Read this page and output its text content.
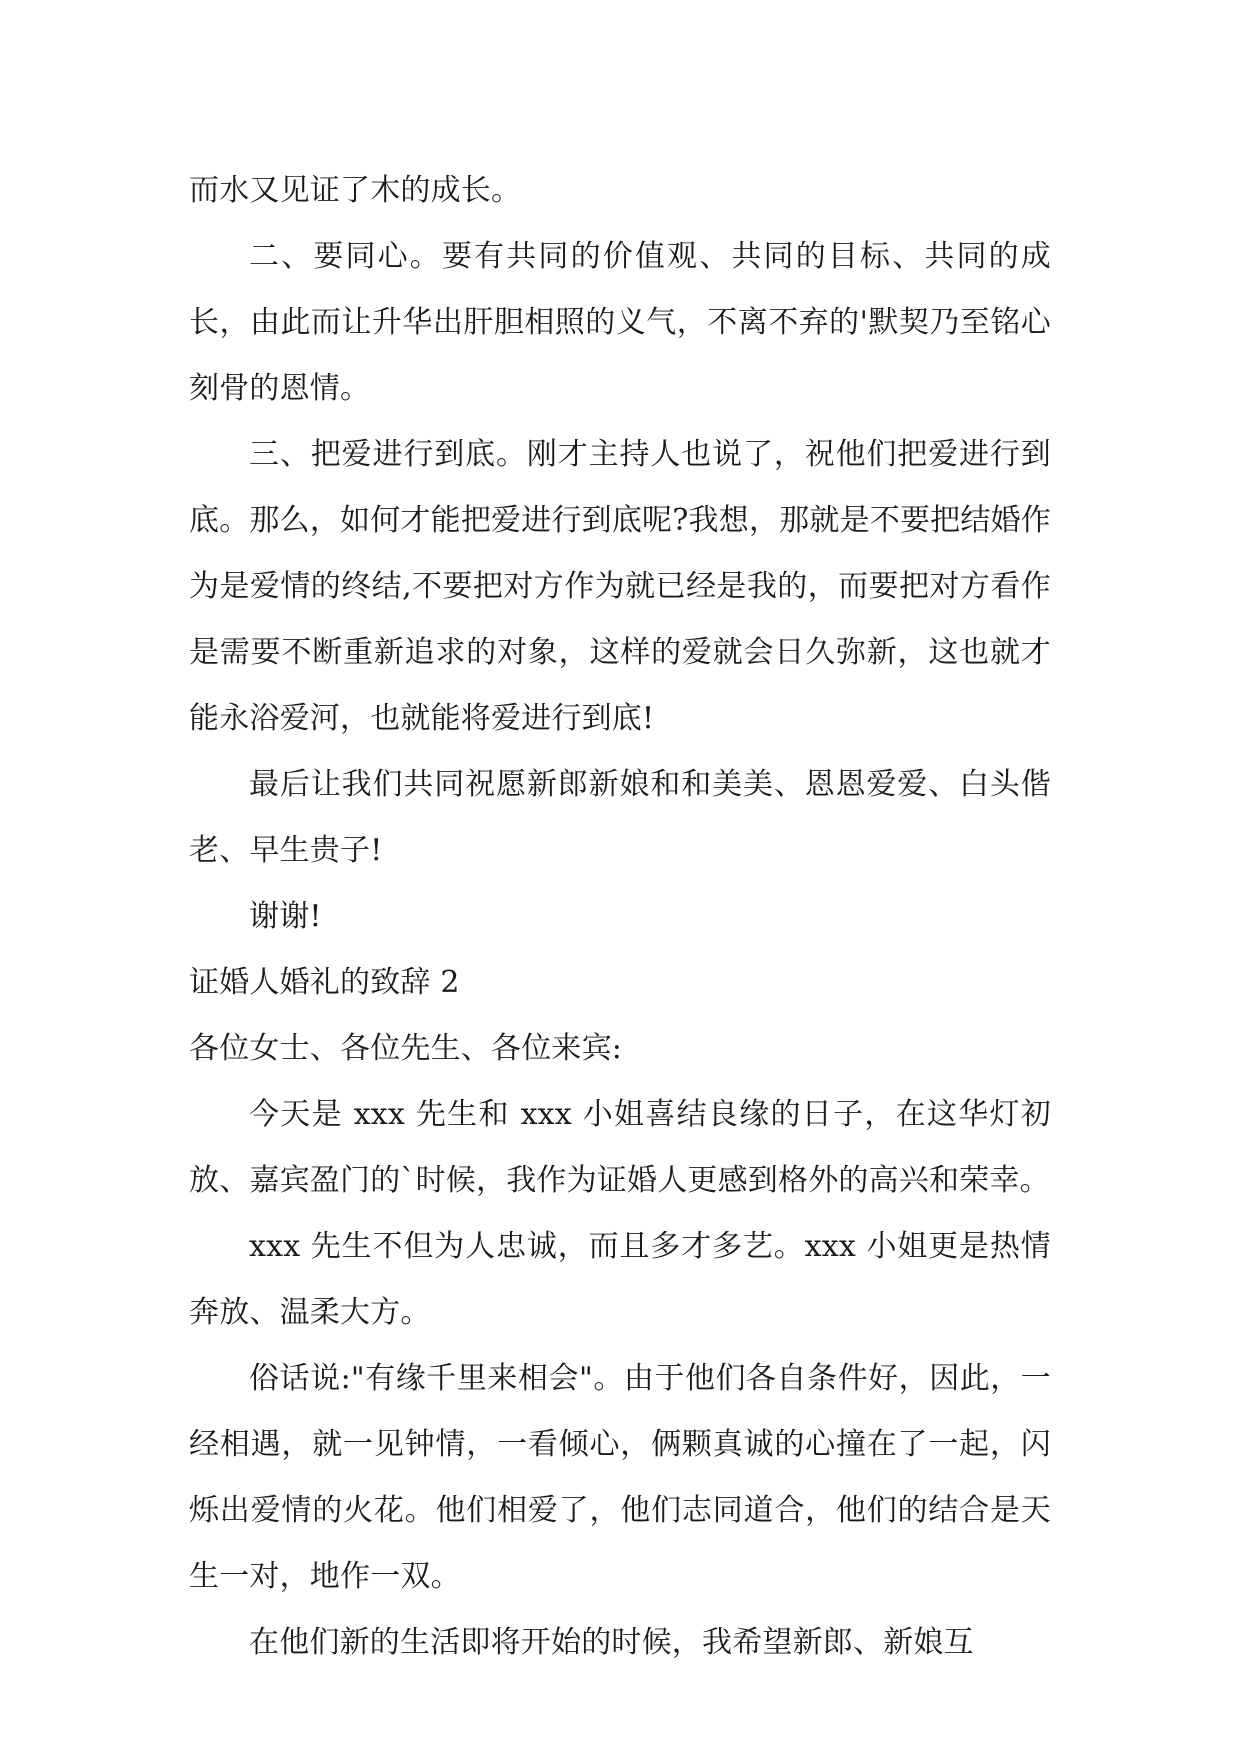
而水又见证了木的成长。

二、要同心。要有共同的价值观、共同的目标、共同的成长，由此而让升华出肝胆相照的义气，不离不弃的'默契乃至铭心刻骨的恩情。

三、把爱进行到底。刚才主持人也说了，祝他们把爱进行到底。那么，如何才能把爱进行到底呢?我想，那就是不要把结婚作为是爱情的终结,不要把对方作为就已经是我的，而要把对方看作是需要不断重新追求的对象，这样的爱就会日久弥新，这也就才能永浴爱河，也就能将爱进行到底!

最后让我们共同祝愿新郎新娘和和美美、恩恩爱爱、白头偕老、早生贵子!

谢谢!

证婚人婚礼的致辞 2

各位女士、各位先生、各位来宾:

今天是 xxx 先生和 xxx 小姐喜结良缘的日子，在这华灯初放、嘉宾盈门的`时候，我作为证婚人更感到格外的高兴和荣幸。

xxx 先生不但为人忠诚，而且多才多艺。xxx 小姐更是热情奔放、温柔大方。

俗话说:"有缘千里来相会"。由于他们各自条件好，因此，一经相遇，就一见钟情，一看倾心，俩颗真诚的心撞在了一起，闪烁出爱情的火花。他们相爱了，他们志同道合，他们的结合是天生一对，地作一双。

在他们新的生活即将开始的时候，我希望新郎、新娘互
